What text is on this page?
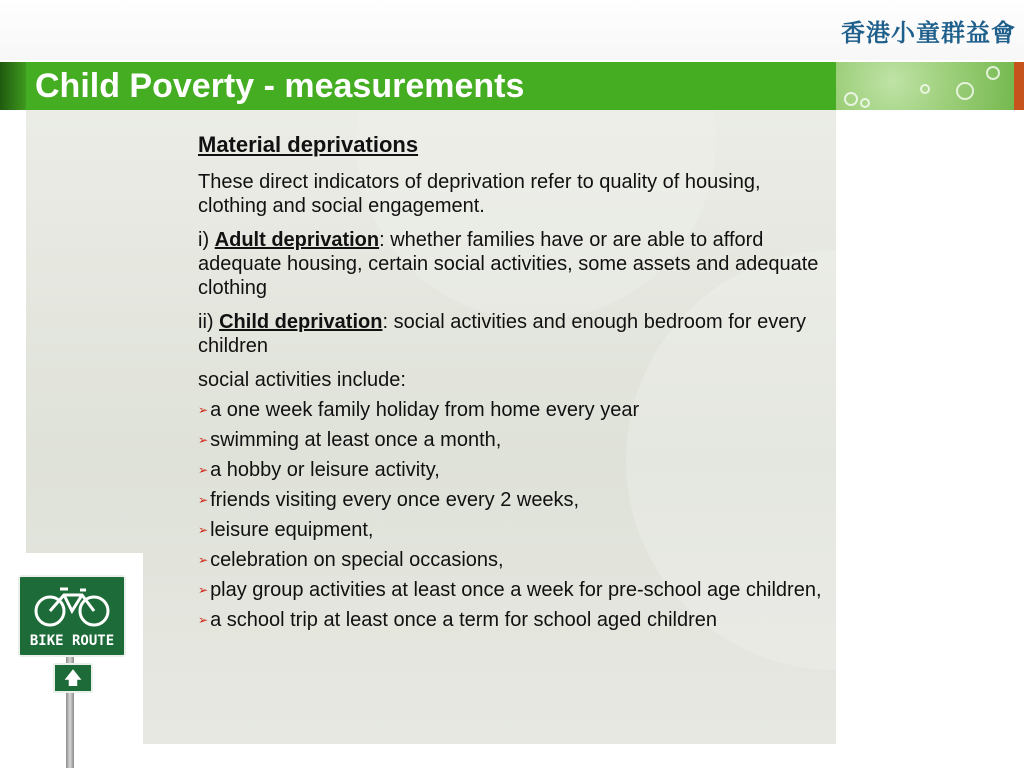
香港小童群益會
Child Poverty - measurements
Material deprivations

These direct indicators of deprivation refer to quality of housing, clothing and social engagement.

i) Adult deprivation: whether families have or are able to afford adequate housing, certain social activities, some assets and adequate clothing

ii) Child deprivation: social activities and enough bedroom for every children

social activities include:

➢ a one week family holiday from home every year
➢ swimming at least once a month,
➢ a hobby or leisure activity,
➢ friends visiting every once every 2 weeks,
➢ leisure equipment,
➢ celebration on special occasions,
➢ play group activities at least once a week for pre-school age children,
➢ a school trip at least once a term for school aged children
BIKE ROUTE
🡅
